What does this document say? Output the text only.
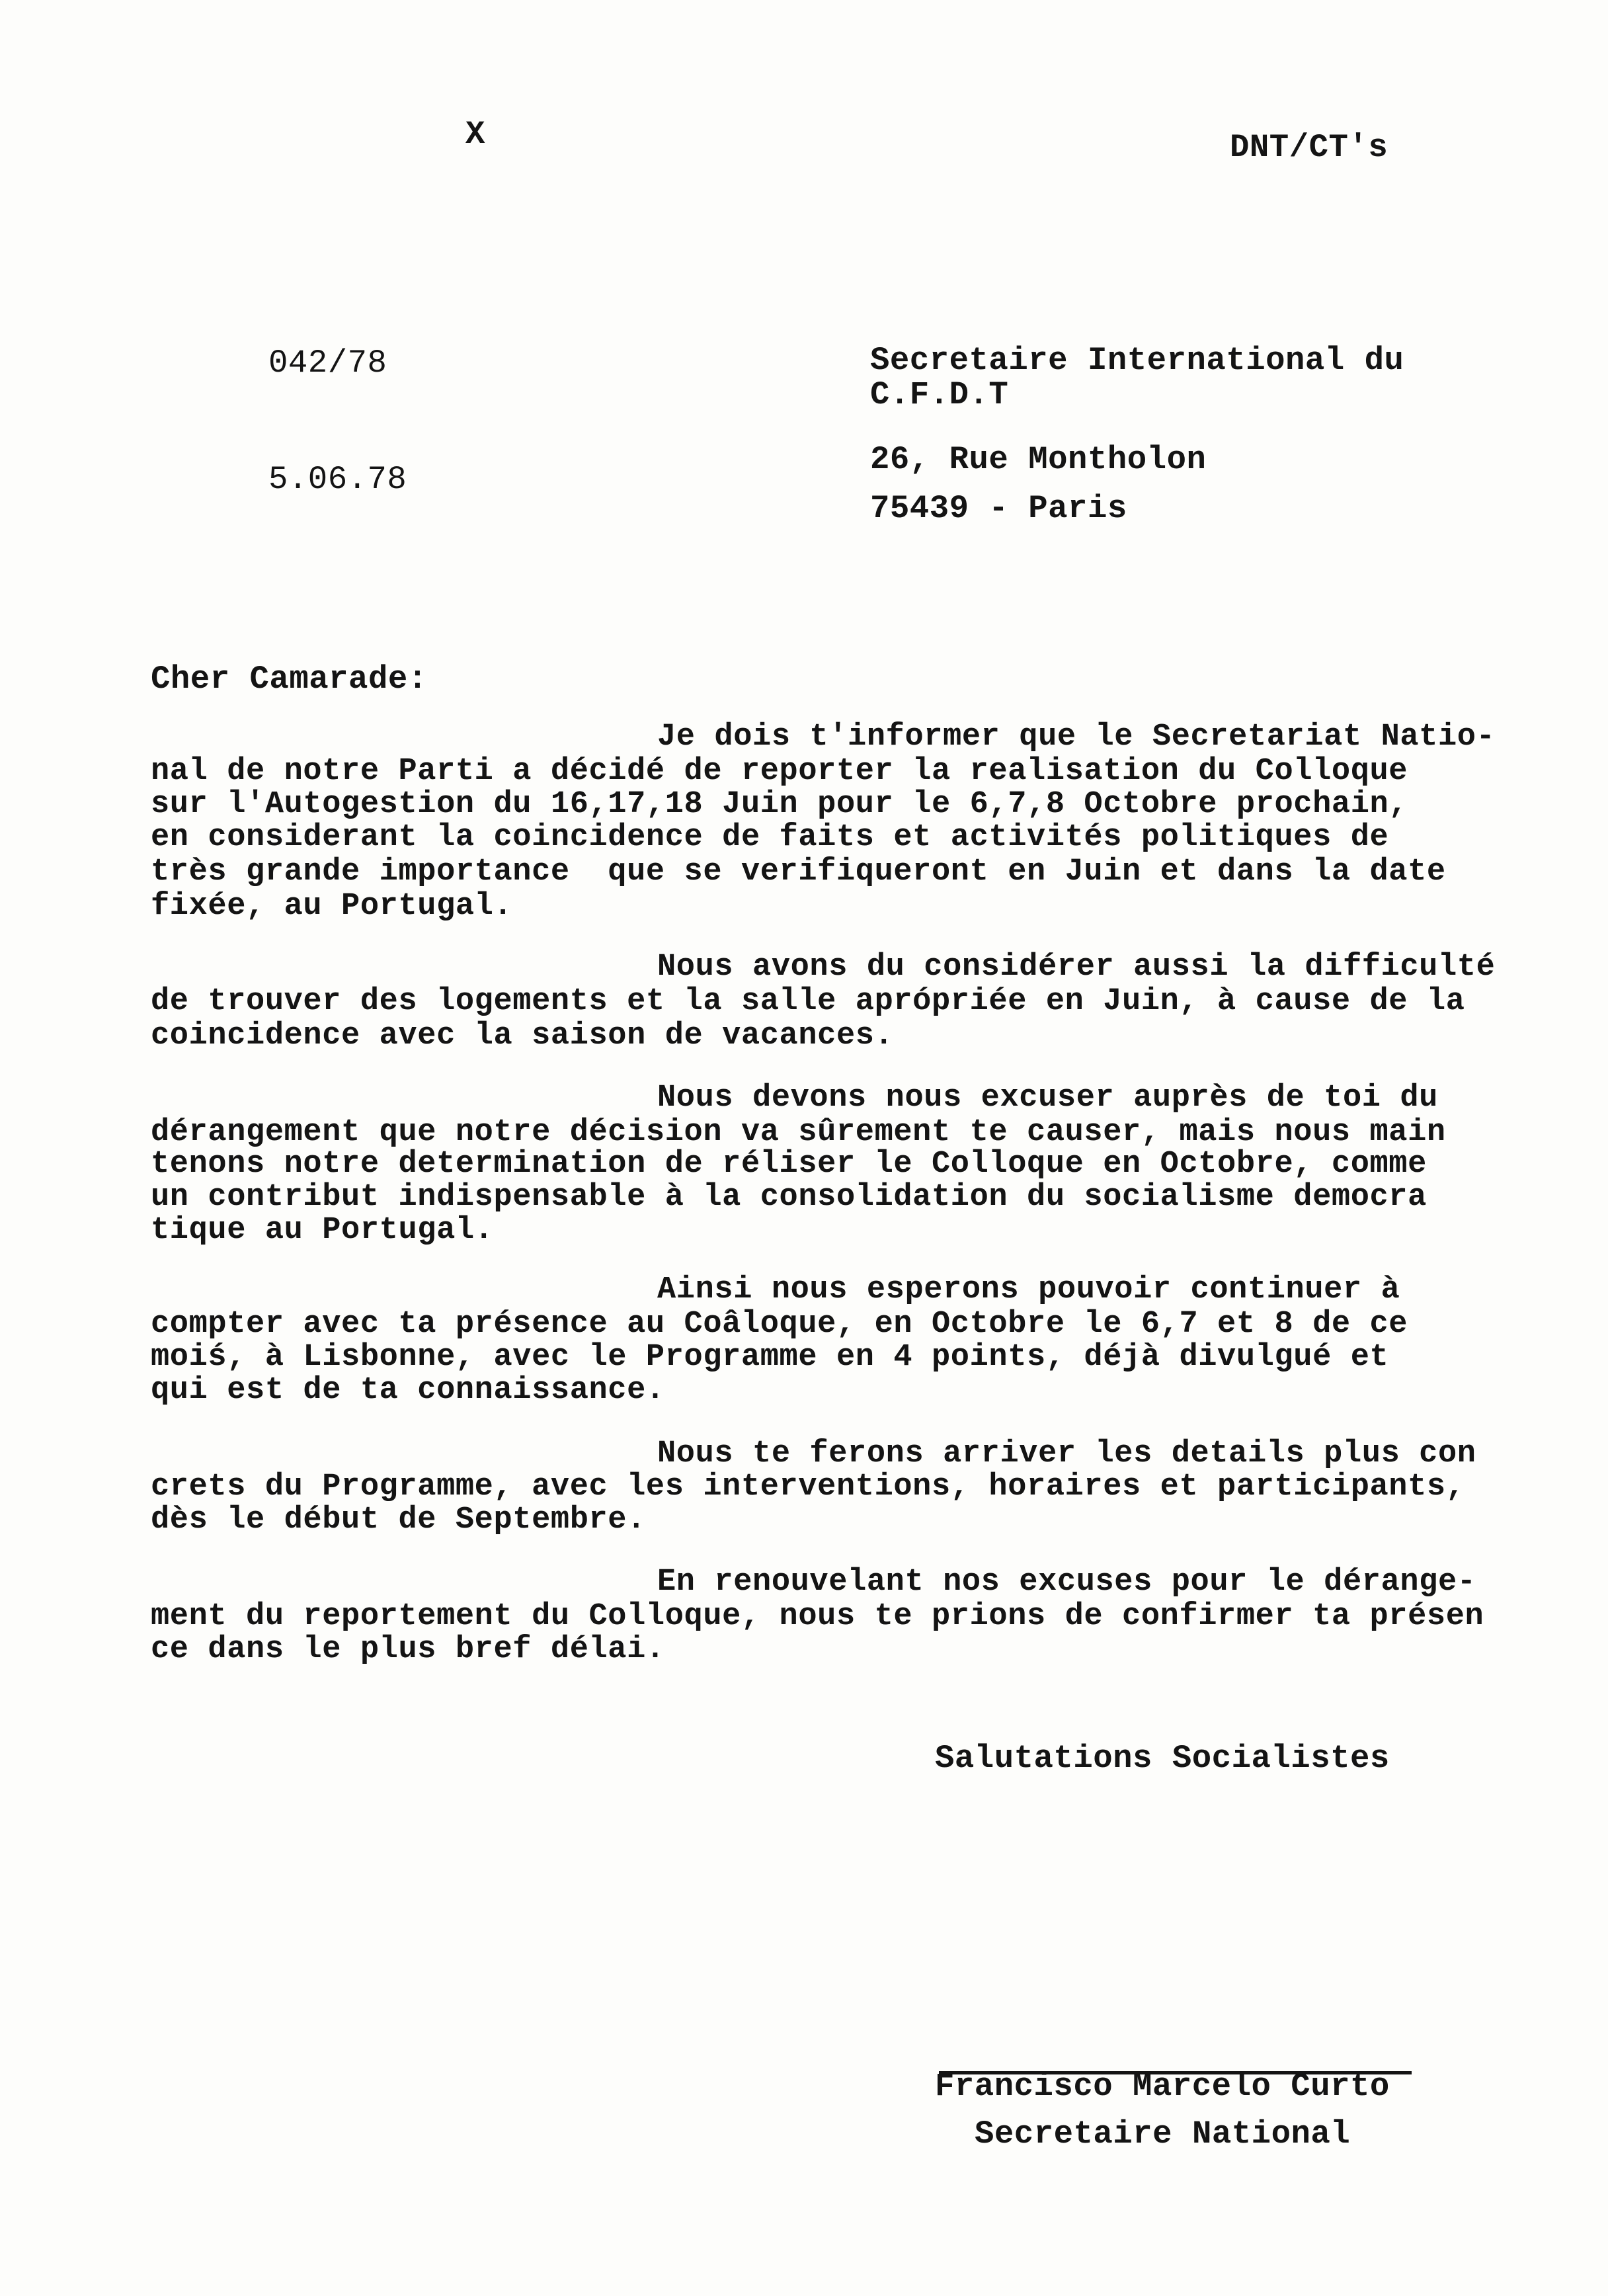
X	DNT/CT's
042/78
5.06.78
Secretaire International du
C.F.D.T
26, Rue Montholon
75439 - Paris
Cher Camarade:
Je dois t'informer que le Secretariat Natio-
nal de notre Parti a décidé de reporter la realisation du Colloque
sur l'Autogestion du 16,17,18 Juin pour le 6,7,8 Octobre prochain,
en considerant la coincidence de faits et activités politiques de
très grande importance  que se verifiqueront en Juin et dans la date
fixée, au Portugal.
Nous avons du considérer aussi la difficulté
de trouver des logements et la salle aprópriée en Juin, à cause de la
coincidence avec la saison de vacances.
Nous devons nous excuser auprès de toi du
dérangement que notre décision va sûrement te causer, mais nous main
tenons notre determination de réliser le Colloque en Octobre, comme
un contribut indispensable à la consolidation du socialisme democra
tique au Portugal.
Ainsi nous esperons pouvoir continuer à
compter avec ta présence au Coâloque, en Octobre le 6,7 et 8 de ce
moiś, à Lisbonne, avec le Programme en 4 points, déjà divulgué et
qui est de ta connaissance.
Nous te ferons arriver les details plus con
crets du Programme, avec les interventions, horaires et participants,
dès le début de Septembre.
En renouvelant nos excuses pour le dérange-
ment du reportement du Colloque, nous te prions de confirmer ta présen
ce dans le plus bref délai.
Salutations Socialistes
Francisco Marcelo Curto
Secretaire National
